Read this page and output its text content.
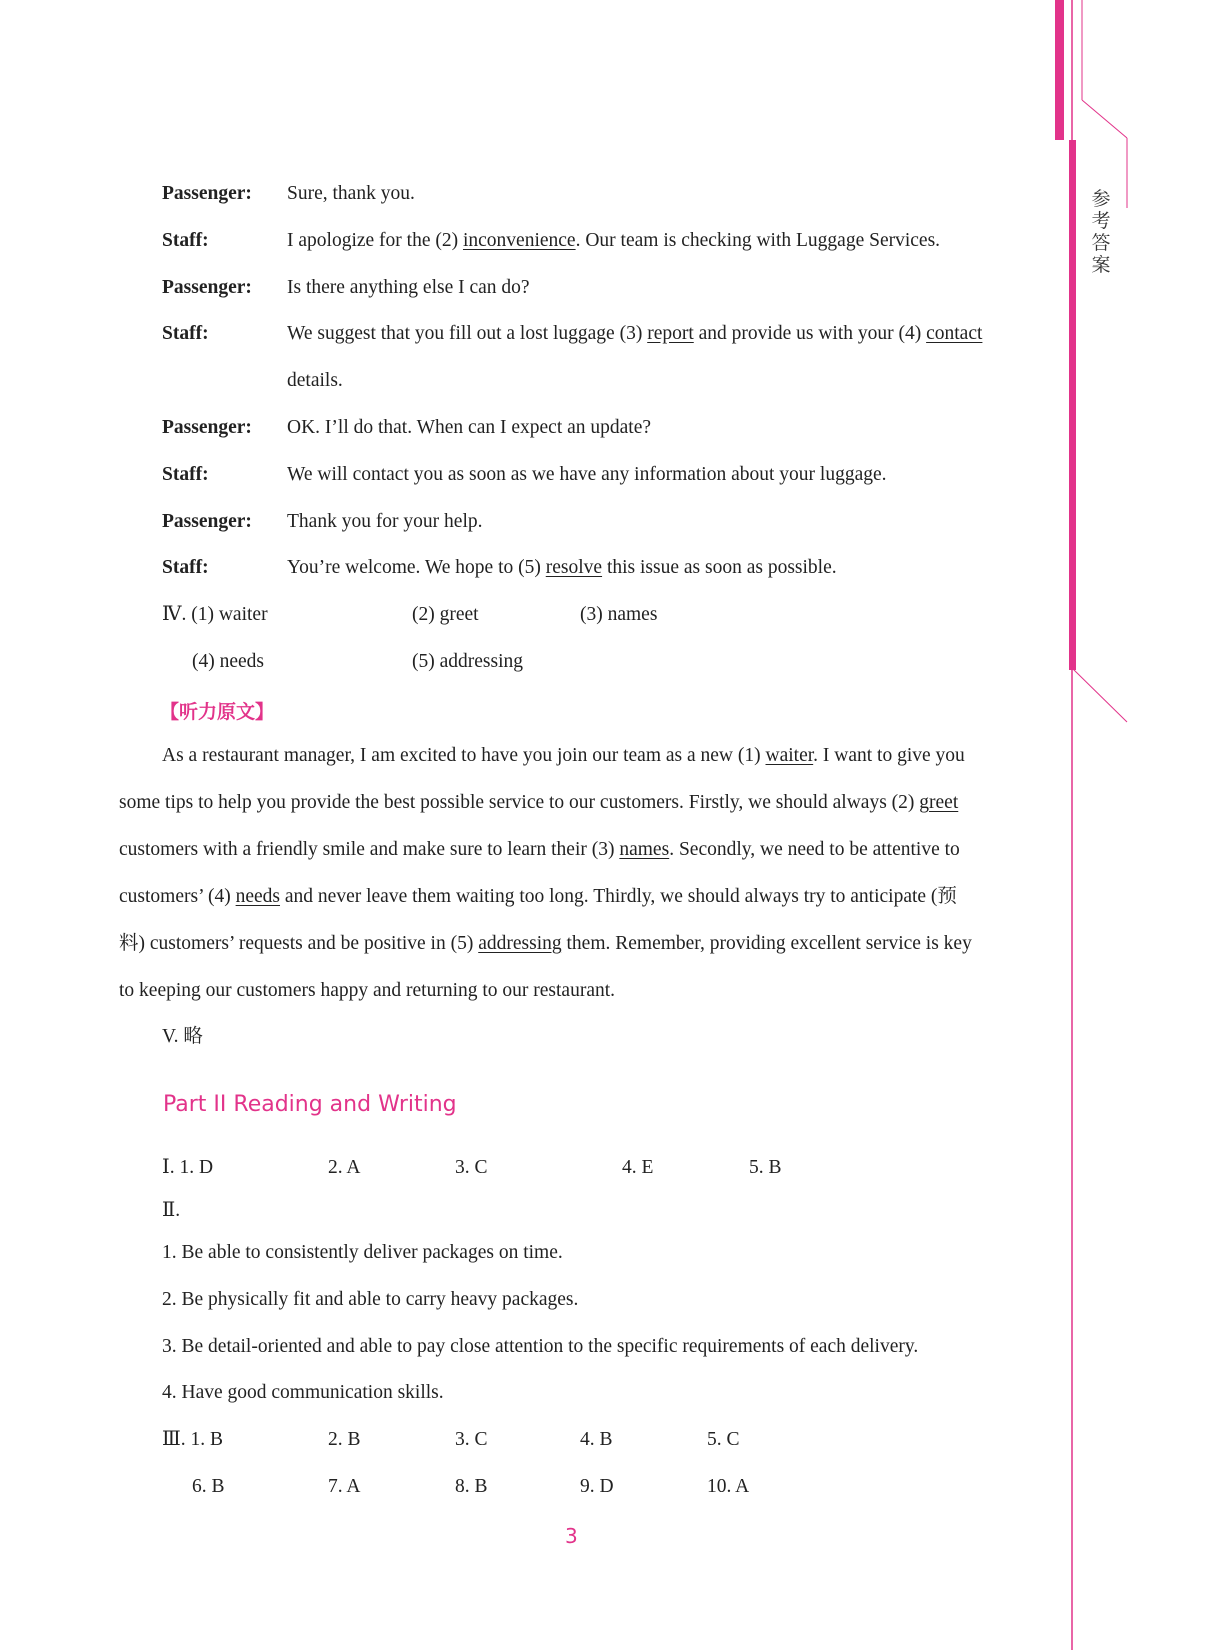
参考答案
Passenger: Sure, thank you.
Staff:	I apologize for the (2) inconvenience. Our team is checking with Luggage Services.
Passenger: Is there anything else I can do?
Staff:	We suggest that you fill out a lost luggage (3) report and provide us with your (4) contact
details.
Passenger: OK. I’ll do that. When can I expect an update?
Staff:	We will contact you as soon as we have any information about your luggage.
Passenger: Thank you for your help.
Staff:	You’re welcome. We hope to (5) resolve this issue as soon as possible.
Ⅳ. (1) waiter	(2) greet	(3) names
(4) needs	(5) addressing
【听力原文】
As a restaurant manager, I am excited to have you join our team as a new (1) waiter. I want to give you
some tips to help you provide the best possible service to our customers. Firstly, we should always (2) greet
customers with a friendly smile and make sure to learn their (3) names. Secondly, we need to be attentive to
customers’ (4) needs and never leave them waiting too long. Thirdly, we should always try to anticipate (预
料) customers’ requests and be positive in (5) addressing them. Remember, providing excellent service is key
to keeping our customers happy and returning to our restaurant.
V. 略
Part II Reading and Writing
Ⅰ. 1. D	2. A	3. C	4. E	5. B
Ⅱ.
1. Be able to consistently deliver packages on time.
2. Be physically fit and able to carry heavy packages.
3. Be detail-oriented and able to pay close attention to the specific requirements of each delivery.
4. Have good communication skills.
Ⅲ. 1. B	2. B	3. C	4. B	5. C
6. B	7. A	8. B	9. D	10. A
3
